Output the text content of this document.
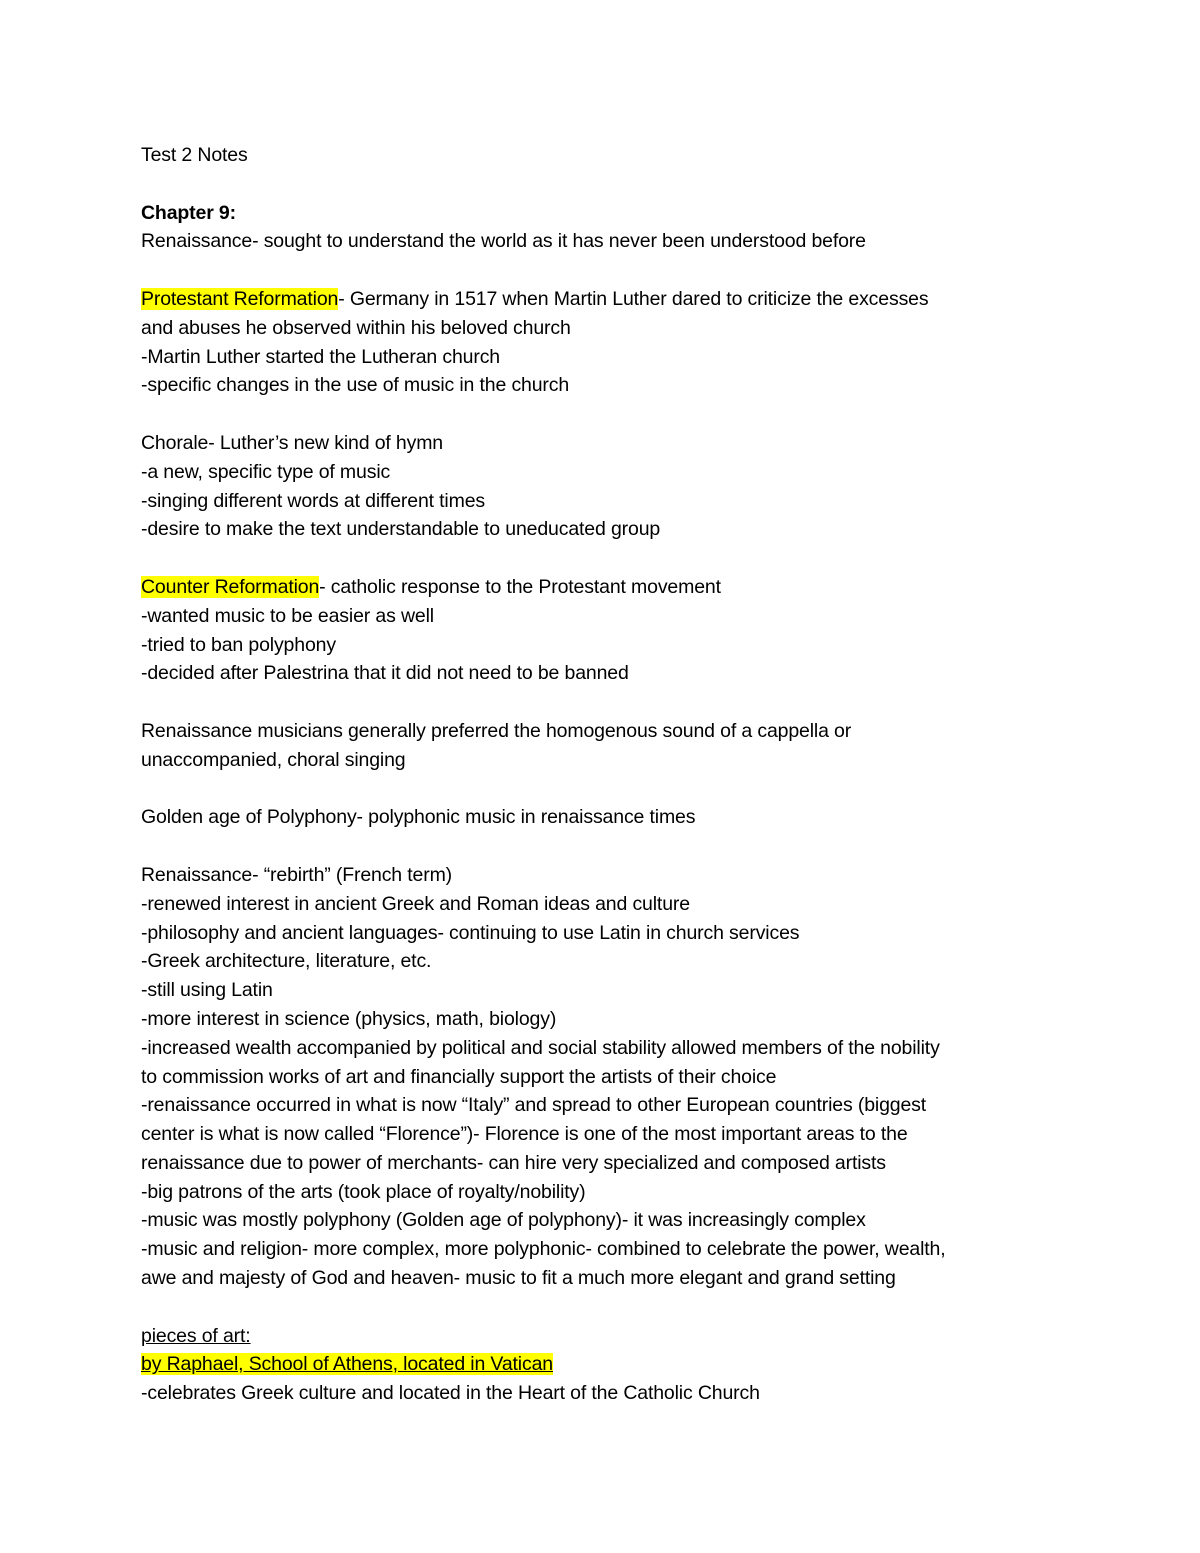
Test 2 Notes
Chapter 9:
Renaissance- sought to understand the world as it has never been understood before
Protestant Reformation- Germany in 1517 when Martin Luther dared to criticize the excesses
and abuses he observed within his beloved church
-Martin Luther started the Lutheran church
-specific changes in the use of music in the church
Chorale- Luther’s new kind of hymn
-a new, specific type of music
-singing different words at different times
-desire to make the text understandable to uneducated group
Counter Reformation- catholic response to the Protestant movement
-wanted music to be easier as well
-tried to ban polyphony
-decided after Palestrina that it did not need to be banned
Renaissance musicians generally preferred the homogenous sound of a cappella or
unaccompanied, choral singing
Golden age of Polyphony- polyphonic music in renaissance times
Renaissance- “rebirth” (French term)
-renewed interest in ancient Greek and Roman ideas and culture
-philosophy and ancient languages- continuing to use Latin in church services
-Greek architecture, literature, etc.
-still using Latin
-more interest in science (physics, math, biology)
-increased wealth accompanied by political and social stability allowed members of the nobility
to commission works of art and financially support the artists of their choice
-renaissance occurred in what is now “Italy” and spread to other European countries (biggest
center is what is now called “Florence”)- Florence is one of the most important areas to the
renaissance due to power of merchants- can hire very specialized and composed artists
-big patrons of the arts (took place of royalty/nobility)
-music was mostly polyphony (Golden age of polyphony)- it was increasingly complex
-music and religion- more complex, more polyphonic- combined to celebrate the power, wealth,
awe and majesty of God and heaven- music to fit a much more elegant and grand setting
pieces of art:
by Raphael, School of Athens, located in Vatican
-celebrates Greek culture and located in the Heart of the Catholic Church
